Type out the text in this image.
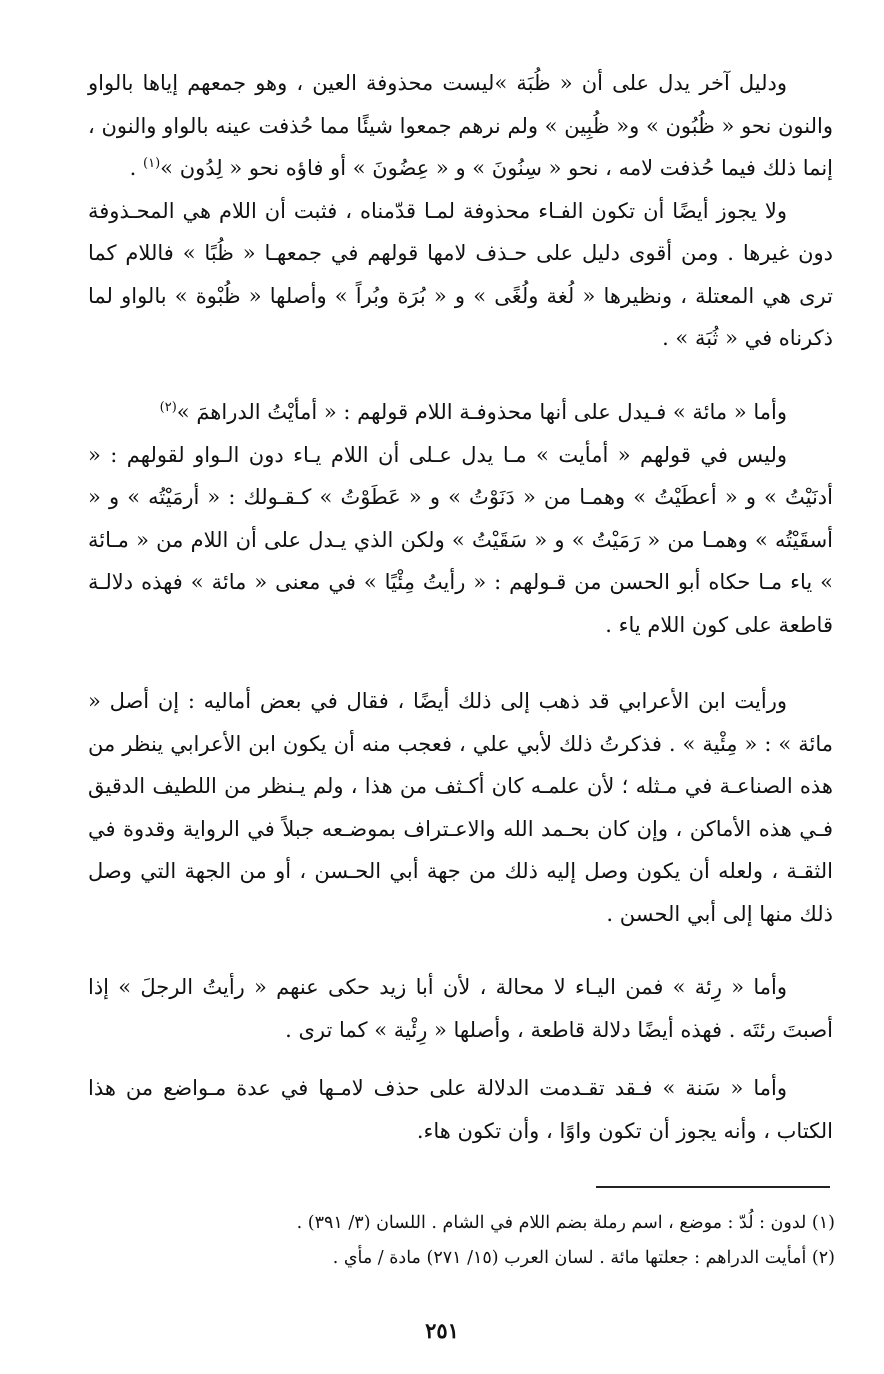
ودليل آخر يدل على أن « ظُبَة »ليست محذوفة العين ، وهو جمعهم إياها بالواو والنون نحو « ظُبُون » و« ظُبِين » ولم نرهم جمعوا شيئًا مما حُذفت عينه بالواو والنون ، إنما ذلك فيما حُذفت لامه ، نحو « سِنُونَ » و « عِضُونَ » أو فاؤه نحو « لِدُون »$^{(١)}$ .

ولا يجوز أيضًا أن تكون الفـاء محذوفة لمـا قدّمناه ، فثبت أن اللام هي المحـذوفة دون غيرها . ومن أقوى دليل على حـذف لامها قولهم في جمعهـا « ظُبًا » فاللام كما ترى هي المعتلة ، ونظيرها « لُغة ولُغًى » و « بُرَة وبُراً » وأصلها « ظُبْوة » بالواو لما ذكرناه في « ثُبَة » .

وأما « مائة » فـيدل على أنها محذوفـة اللام قولهم : « أمأيْتُ الدراهمَ »$^{(٢)}$

وليس في قولهم « أمأيت » مـا يدل عـلى أن اللام يـاء دون الـواو لقولهم : « أدنَيْتُ » و « أعطَيْتُ » وهمـا من « دَنَوْتُ » و « عَطَوْتُ » كـقـولك : « أرمَيْتُه » و « أسقَيْتُه » وهمـا من « رَمَيْتُ » و « سَقَيْتُ » ولكن الذي يـدل على أن اللام من « مـائة » ياء مـا حكاه أبو الحسن من قـولهم : « رأيتُ مِئْيًا » في معنى « مائة » فهذه دلالـة قاطعة على كون اللام ياء .

ورأيت ابن الأعرابي قد ذهب إلى ذلك أيضًا ، فقال في بعض أماليه : إن أصل « مائة » : « مِئْية » . فذكرتُ ذلك لأبي علي ، فعجب منه أن يكون ابن الأعرابي ينظر من هذه الصناعـة في مـثله ؛ لأن علمـه كان أكـثف من هذا ، ولم يـنظر من اللطيف الدقيق فـي هذه الأماكن ، وإن كان بحـمد الله والاعـتراف بموضـعه جبلاً في الرواية وقدوة في الثقـة ، ولعله أن يكون وصل إليه ذلك من جهة أبي الحـسن ، أو من الجهة التي وصل ذلك منها إلى أبي الحسن .

وأما « رِئة » فمن اليـاء لا محالة ، لأن أبا زيد حكى عنهم « رأيتُ الرجلَ » إذا أصبتَ رئتَه . فهذه أيضًا دلالة قاطعة ، وأصلها « رِئْية » كما ترى .

وأما « سَنة » فـقد تقـدمت الدلالة على حذف لامـها في عدة مـواضع من هذا الكتاب ، وأنه يجوز أن تكون واوًا ، وأن تكون هاء.

(١) لدون : لُدّ : موضع ، اسم رملة بضم اللام في الشام . اللسان (٣/ ٣٩١) .

(٢) أمأيت الدراهم : جعلتها مائة . لسان العرب (١٥/ ٢٧١) مادة / مأي .

٢٥١
